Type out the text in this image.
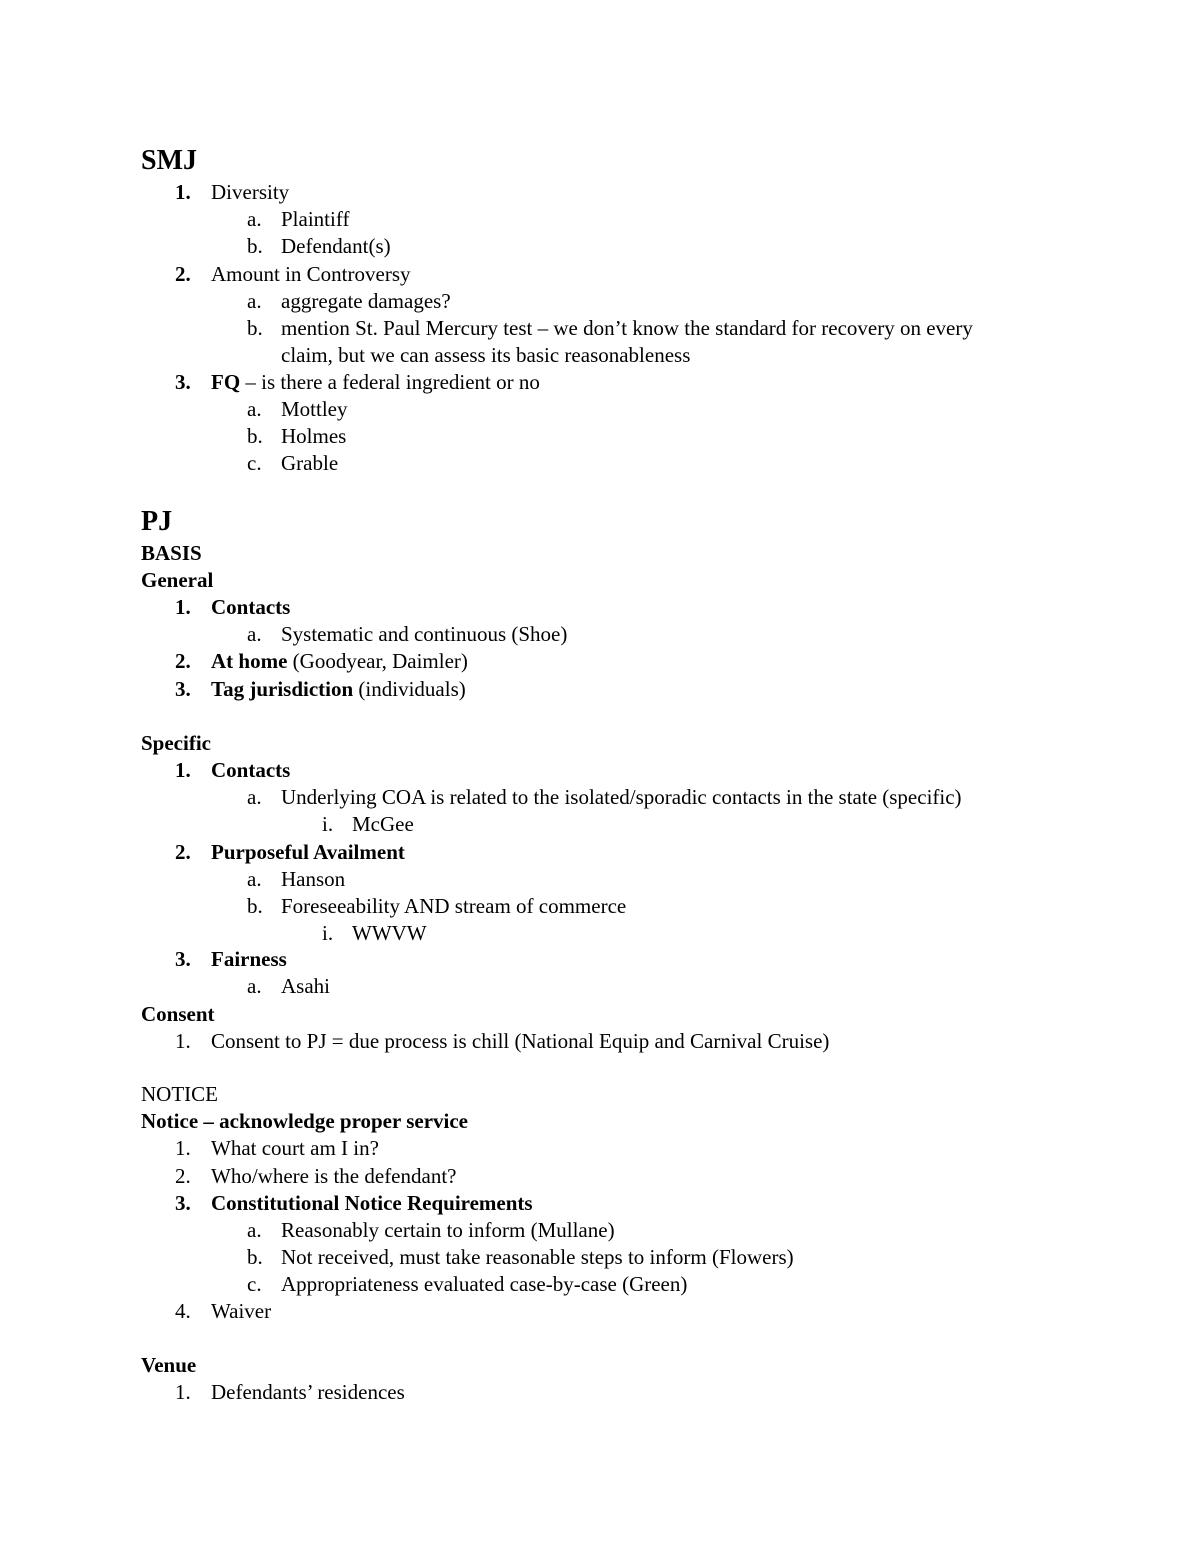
SMJ
1. Diversity
a. Plaintiff
b. Defendant(s)
2. Amount in Controversy
a. aggregate damages?
b. mention St. Paul Mercury test – we don’t know the standard for recovery on every
claim, but we can assess its basic reasonableness
3. FQ – is there a federal ingredient or no
a. Mottley
b. Holmes
c. Grable
PJ
BASIS
General
1. Contacts
a. Systematic and continuous (Shoe)
2. At home (Goodyear, Daimler)
3. Tag jurisdiction (individuals)
Specific
1. Contacts
a. Underlying COA is related to the isolated/sporadic contacts in the state (specific)
i. McGee
2. Purposeful Availment
a. Hanson
b. Foreseeability AND stream of commerce
i. WWVW
3. Fairness
a. Asahi
Consent
1. Consent to PJ = due process is chill (National Equip and Carnival Cruise)
NOTICE
Notice – acknowledge proper service
1. What court am I in?
2. Who/where is the defendant?
3. Constitutional Notice Requirements
a. Reasonably certain to inform (Mullane)
b. Not received, must take reasonable steps to inform (Flowers)
c. Appropriateness evaluated case-by-case (Green)
4. Waiver
Venue
1. Defendants’ residences
